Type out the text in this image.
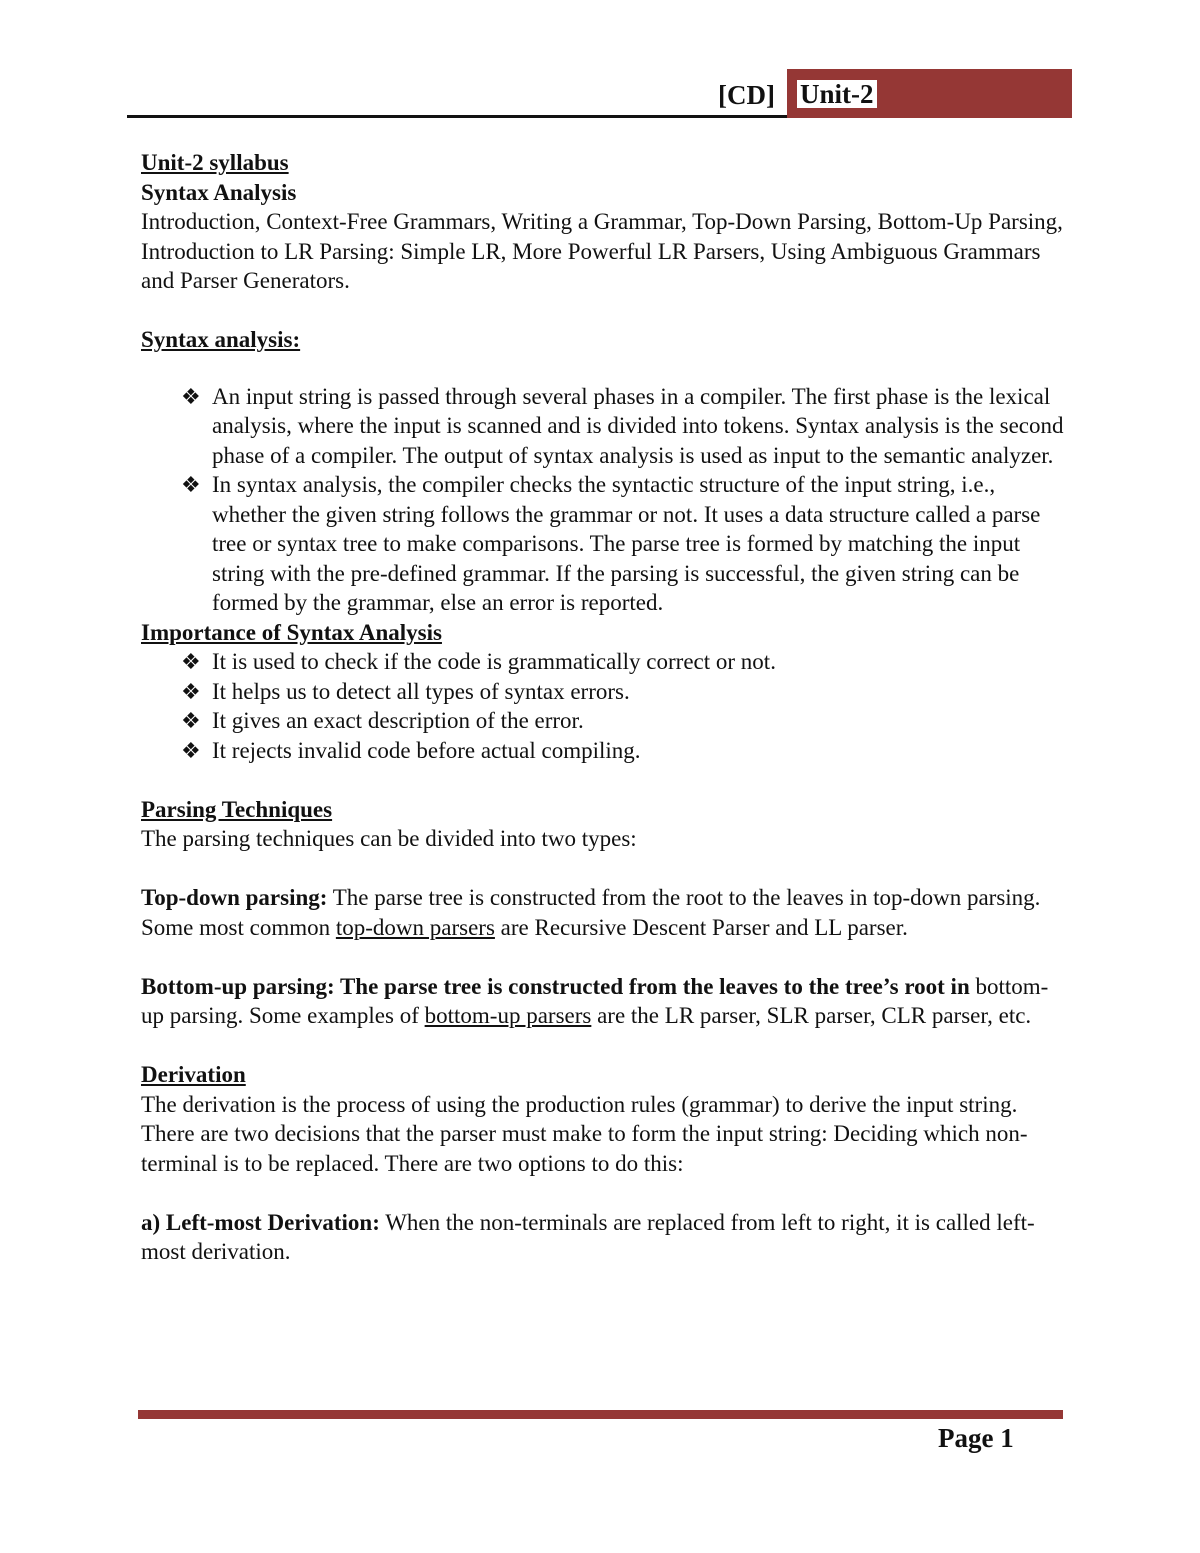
[CD] Unit-2

Unit-2 syllabus

Syntax Analysis

Introduction, Context-Free Grammars, Writing a Grammar, Top-Down Parsing, Bottom-Up Parsing, Introduction to LR Parsing: Simple LR, More Powerful LR Parsers, Using Ambiguous Grammars and Parser Generators.

Syntax analysis:

❖ An input string is passed through several phases in a compiler. The first phase is the lexical analysis, where the input is scanned and is divided into tokens. Syntax analysis is the second phase of a compiler. The output of syntax analysis is used as input to the semantic analyzer.
❖ In syntax analysis, the compiler checks the syntactic structure of the input string, i.e., whether the given string follows the grammar or not. It uses a data structure called a parse tree or syntax tree to make comparisons. The parse tree is formed by matching the input string with the pre-defined grammar. If the parsing is successful, the given string can be formed by the grammar, else an error is reported.

Importance of Syntax Analysis

❖ It is used to check if the code is grammatically correct or not.
❖ It helps us to detect all types of syntax errors.
❖ It gives an exact description of the error.
❖ It rejects invalid code before actual compiling.

Parsing Techniques

The parsing techniques can be divided into two types:

Top-down parsing: The parse tree is constructed from the root to the leaves in top-down parsing. Some most common top-down parsers are Recursive Descent Parser and LL parser.

Bottom-up parsing: The parse tree is constructed from the leaves to the tree’s root in bottom-up parsing. Some examples of bottom-up parsers are the LR parser, SLR parser, CLR parser, etc.

Derivation

The derivation is the process of using the production rules (grammar) to derive the input string. There are two decisions that the parser must make to form the input string: Deciding which non-terminal is to be replaced. There are two options to do this:

a) Left-most Derivation: When the non-terminals are replaced from left to right, it is called left-most derivation.

Page 1
